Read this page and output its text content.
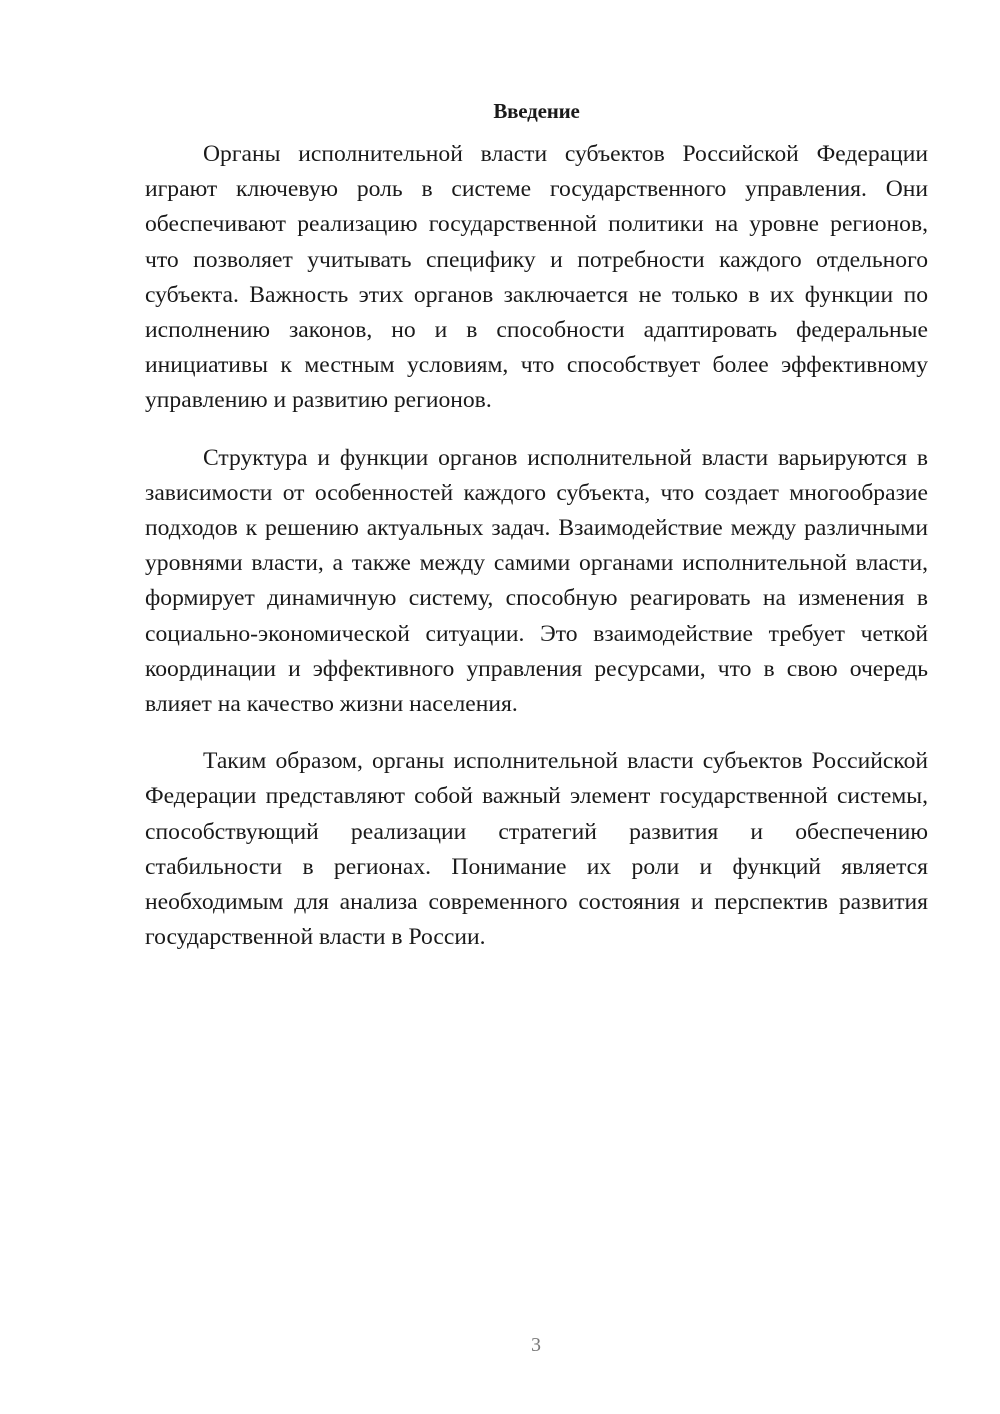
Введение

Органы исполнительной власти субъектов Российской Федерации играют ключевую роль в системе государственного управления. Они обеспечивают реализацию государственной политики на уровне регионов, что позволяет учитывать специфику и потребности каждого отдельного субъекта. Важность этих органов заключается не только в их функции по исполнению законов, но и в способности адаптировать федеральные инициативы к местным условиям, что способствует более эффективному управлению и развитию регионов.

Структура и функции органов исполнительной власти варьируются в зависимости от особенностей каждого субъекта, что создает многообразие подходов к решению актуальных задач. Взаимодействие между различными уровнями власти, а также между самими органами исполнительной власти, формирует динамичную систему, способную реагировать на изменения в социально-экономической ситуации. Это взаимодействие требует четкой координации и эффективного управления ресурсами, что в свою очередь влияет на качество жизни населения.

Таким образом, органы исполнительной власти субъектов Российской Федерации представляют собой важный элемент государственной системы, способствующий реализации стратегий развития и обеспечению стабильности в регионах. Понимание их роли и функций является необходимым для анализа современного состояния и перспектив развития государственной власти в России.

3
